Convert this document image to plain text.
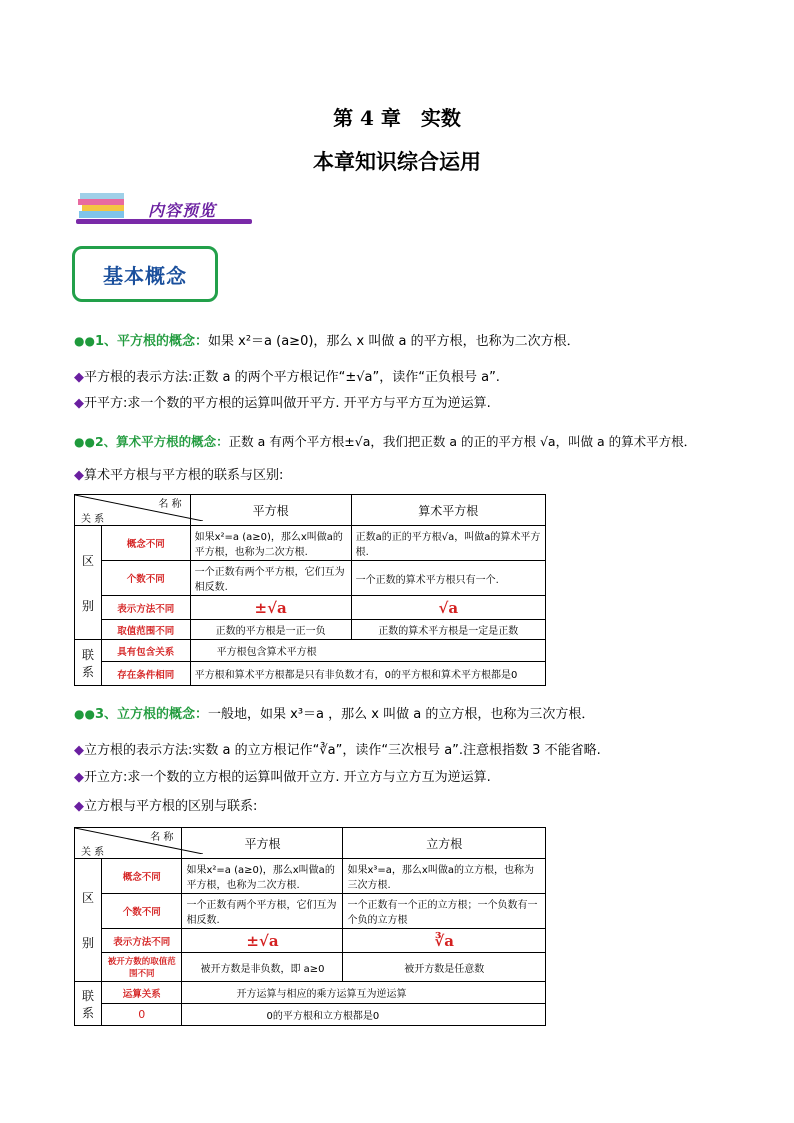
第 4 章　实数
本章知识综合运用
内容预览
基本概念
●●1、平方根的概念：如果 x²＝a (a≥0)，那么 x 叫做 a 的平方根，也称为二次方根．
◆平方根的表示方法:正数 a 的两个平方根记作“±√a”，读作“正负根号 a”.
◆开平方:求一个数的平方根的运算叫做开平方. 开平方与平方互为逆运算.
●●2、算术平方根的概念：正数 a 有两个平方根±√a，我们把正数 a 的正的平方根 √a，叫做 a 的算术平方根．
◆算术平方根与平方根的联系与区别:
名 称
关 系		平方根	算术平方根

区

别	概念不同	如果x²=a (a≥0)，那么x叫做a的平方根，也称为二次方根.	正数a的正的平方根√a，叫做a的算术平方根.
	个数不同	一个正数有两个平方根，它们互为相反数.	一个正数的算术平方根只有一个.
	表示方法不同	±√a	√a
	取值范围不同	正数的平方根是一正一负	正数的算术平方根是一定是正数
联系	具有包含关系	平方根包含算术平方根	
	存在条件相同	平方根和算术平方根都是只有非负数才有，0的平方根和算术平方根都是0	
●●3、立方根的概念：一般地，如果 x³＝a ，那么 x 叫做 a 的立方根，也称为三次方根．
◆立方根的表示方法:实数 a 的立方根记作“∛a”，读作“三次根号 a”.注意根指数 3 不能省略.
◆开立方:求一个数的立方根的运算叫做开立方. 开立方与立方互为逆运算.
◆立方根与平方根的区别与联系:
名 称
关 系		平方根	立方根

区

别	概念不同	如果x²=a (a≥0)，那么x叫做a的平方根，也称为二次方根.	如果x³=a，那么x叫做a的立方根，也称为三次方根.
	个数不同	一个正数有两个平方根，它们互为相反数.	一个正数有一个正的立方根；一个负数有一个负的立方根
	表示方法不同	±√a	∛a
	被开方数的取值范围不同	被开方数是非负数，即 a≥0	被开方数是任意数
联系	运算关系	开方运算与相应的乘方运算互为逆运算	
	0	0的平方根和立方根都是0	
